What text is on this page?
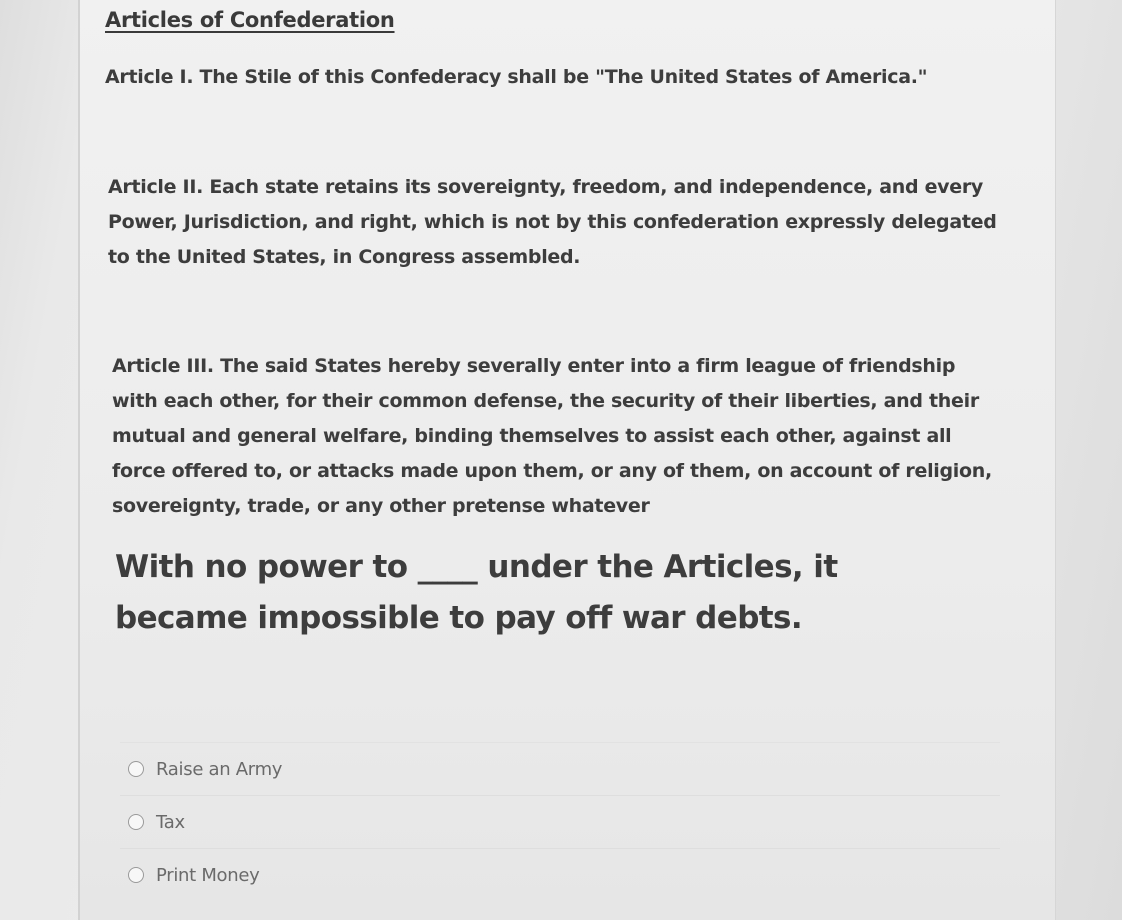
Articles of Confederation

Article I. The Stile of this Confederacy shall be "The United States of America."

Article II. Each state retains its sovereignty, freedom, and independence, and every Power, Jurisdiction, and right, which is not by this confederation expressly delegated to the United States, in Congress assembled.

Article III. The said States hereby severally enter into a firm league of friendship with each other, for their common defense, the security of their liberties, and their mutual and general welfare, binding themselves to assist each other, against all force offered to, or attacks made upon them, or any of them, on account of religion, sovereignty, trade, or any other pretense whatever

With no power to ____ under the Articles, it became impossible to pay off war debts.

Raise an Army
Tax
Print Money
